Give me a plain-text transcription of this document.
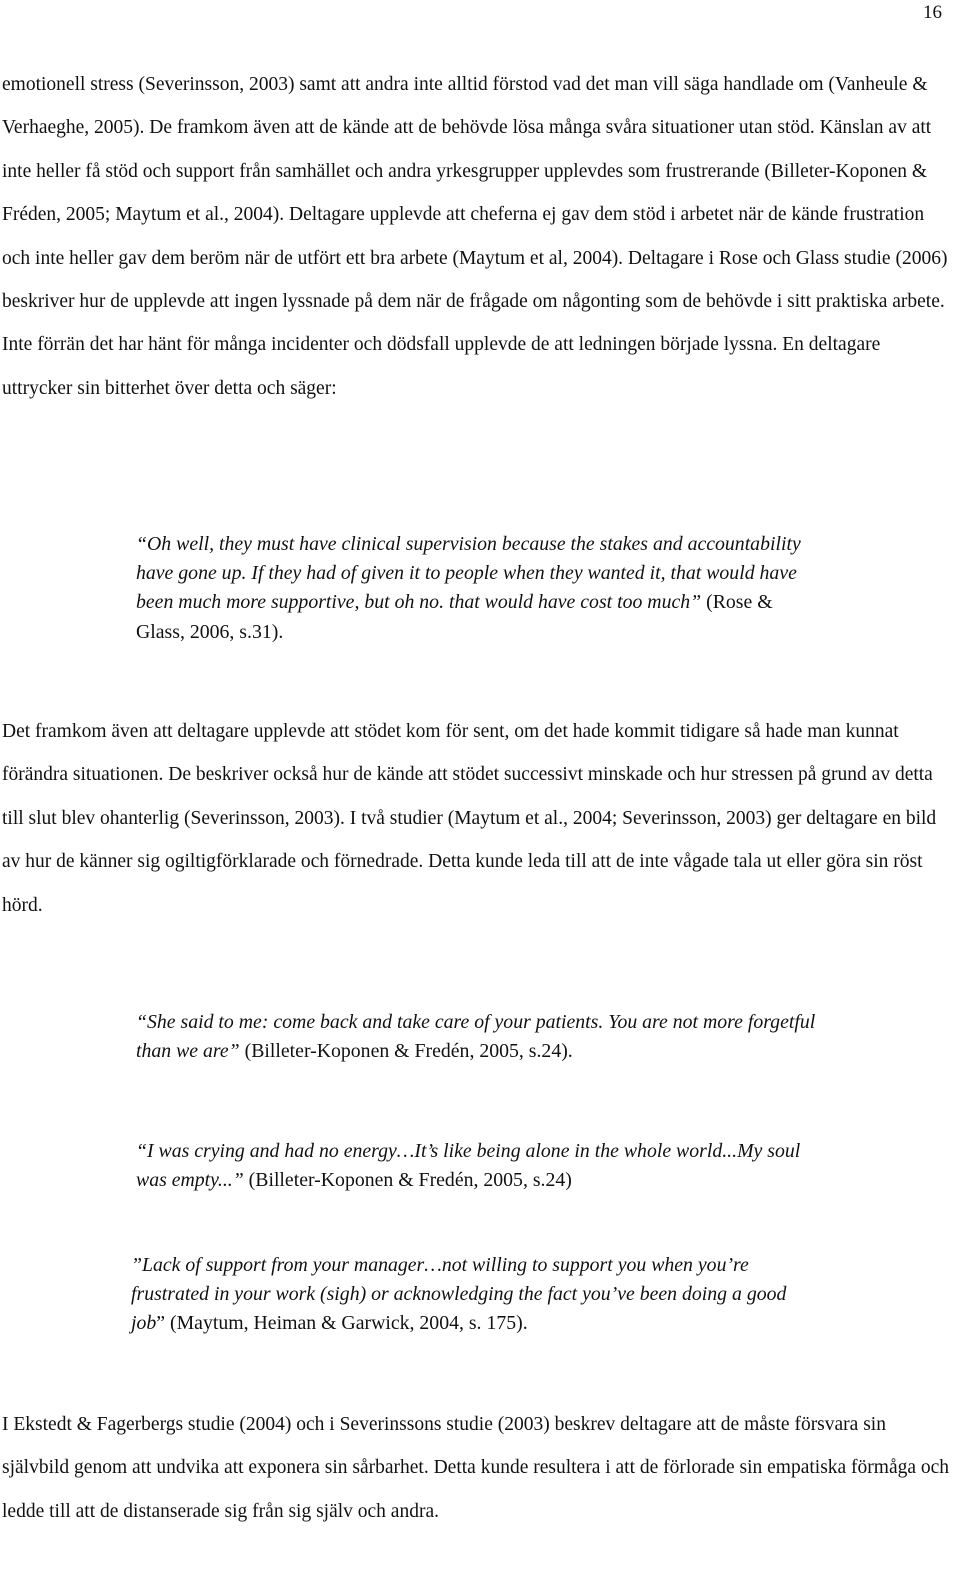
16

emotionell stress (Severinsson, 2003) samt att andra inte alltid förstod vad det man vill säga handlade om (Vanheule & Verhaeghe, 2005). De framkom även att de kände att de behövde lösa många svåra situationer utan stöd. Känslan av att inte heller få stöd och support från samhället och andra yrkesgrupper upplevdes som frustrerande (Billeter-Koponen & Fréden, 2005; Maytum et al., 2004). Deltagare upplevde att cheferna ej gav dem stöd i arbetet när de kände frustration och inte heller gav dem beröm när de utfört ett bra arbete (Maytum et al, 2004). Deltagare i Rose och Glass studie (2006) beskriver hur de upplevde att ingen lyssnade på dem när de frågade om någonting som de behövde i sitt praktiska arbete. Inte förrän det har hänt för många incidenter och dödsfall upplevde de att ledningen började lyssna. En deltagare uttrycker sin bitterhet över detta och säger:

“Oh well, they must have clinical supervision because the stakes and accountability have gone up. If they had of given it to people when they wanted it, that would have been much more supportive, but oh no. that would have cost too much” (Rose & Glass, 2006, s.31).

Det framkom även att deltagare upplevde att stödet kom för sent, om det hade kommit tidigare så hade man kunnat förändra situationen. De beskriver också hur de kände att stödet successivt minskade och hur stressen på grund av detta till slut blev ohanterlig (Severinsson, 2003). I två studier (Maytum et al., 2004; Severinsson, 2003) ger deltagare en bild av hur de känner sig ogiltigförklarade och förnedrade. Detta kunde leda till att de inte vågade tala ut eller göra sin röst hörd.

“She said to me: come back and take care of your patients. You are not more forgetful than we are” (Billeter-Koponen & Fredén, 2005, s.24).

“I was crying and had no energy…It’s like being alone in the whole world...My soul was empty...” (Billeter-Koponen & Fredén, 2005, s.24)

”Lack of support from your manager…not willing to support you when you’re frustrated in your work (sigh) or acknowledging the fact you’ve been doing a good job” (Maytum, Heiman & Garwick, 2004, s. 175).

I Ekstedt & Fagerbergs studie (2004) och i Severinssons studie (2003) beskrev deltagare att de måste försvara sin självbild genom att undvika att exponera sin sårbarhet. Detta kunde resultera i att de förlorade sin empatiska förmåga och ledde till att de distanserade sig från sig själv och andra.
